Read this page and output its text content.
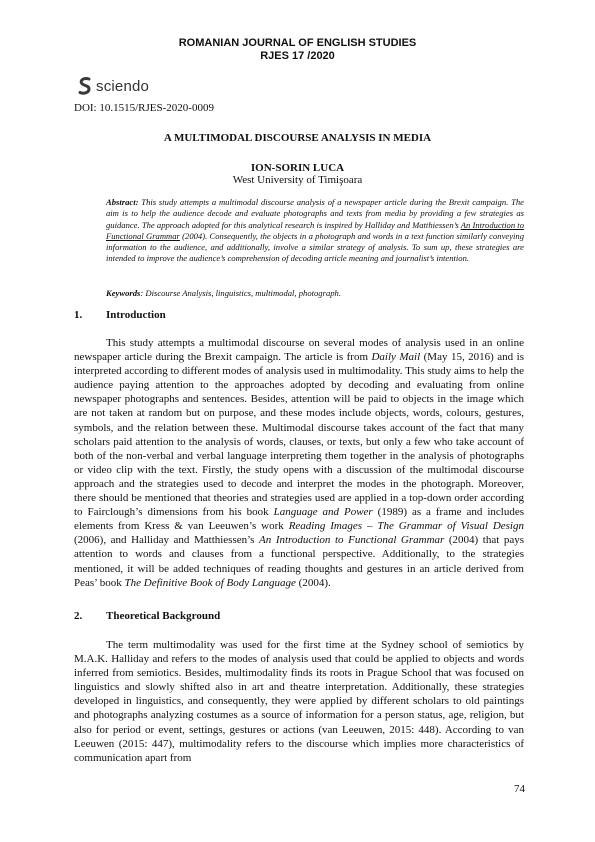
ROMANIAN JOURNAL OF ENGLISH STUDIES
RJES 17 /2020
sciendo
DOI: 10.1515/RJES-2020-0009
A MULTIMODAL DISCOURSE ANALYSIS IN MEDIA
ION-SORIN LUCA
West University of Timişoara
Abstract: This study attempts a multimodal discourse analysis of a newspaper article during the Brexit campaign. The aim is to help the audience decode and evaluate photographs and texts from media by providing a few strategies as guidance. The approach adopted for this analytical research is inspired by Halliday and Matthiessen’s An Introduction to Functional Grammar (2004). Consequently, the objects in a photograph and words in a text function similarly conveying information to the audience, and additionally, involve a similar strategy of analysis. To sum up, these strategies are intended to improve the audience’s comprehension of decoding article meaning and journalist’s intention.
Keywords: Discourse Analysis, linguistics, multimodal, photograph.
1. Introduction
This study attempts a multimodal discourse on several modes of analysis used in an online newspaper article during the Brexit campaign. The article is from Daily Mail (May 15, 2016) and is interpreted according to different modes of analysis used in multimodality. This study aims to help the audience paying attention to the approaches adopted by decoding and evaluating from online newspaper photographs and sentences. Besides, attention will be paid to objects in the image which are not taken at random but on purpose, and these modes include objects, words, colours, gestures, symbols, and the relation between these. Multimodal discourse takes account of the fact that many scholars paid attention to the analysis of words, clauses, or texts, but only a few who take account of both of the non-verbal and verbal language interpreting them together in the analysis of photographs or video clip with the text. Firstly, the study opens with a discussion of the multimodal discourse approach and the strategies used to decode and interpret the modes in the photograph. Moreover, there should be mentioned that theories and strategies used are applied in a top-down order according to Fairclough’s dimensions from his book Language and Power (1989) as a frame and includes elements from Kress & van Leeuwen’s work Reading Images – The Grammar of Visual Design (2006), and Halliday and Matthiessen’s An Introduction to Functional Grammar (2004) that pays attention to words and clauses from a functional perspective. Additionally, to the strategies mentioned, it will be added techniques of reading thoughts and gestures in an article derived from Peas’ book The Definitive Book of Body Language (2004).
2. Theoretical Background
The term multimodality was used for the first time at the Sydney school of semiotics by M.A.K. Halliday and refers to the modes of analysis used that could be applied to objects and words inferred from semiotics. Besides, multimodality finds its roots in Prague School that was focused on linguistics and slowly shifted also in art and theatre interpretation. Additionally, these strategies developed in linguistics, and consequently, they were applied by different scholars to old paintings and photographs analyzing costumes as a source of information for a person status, age, religion, but also for period or event, settings, gestures or actions (van Leeuwen, 2015: 448). According to van Leeuwen (2015: 447), multimodality refers to the discourse which implies more characteristics of communication apart from
74
